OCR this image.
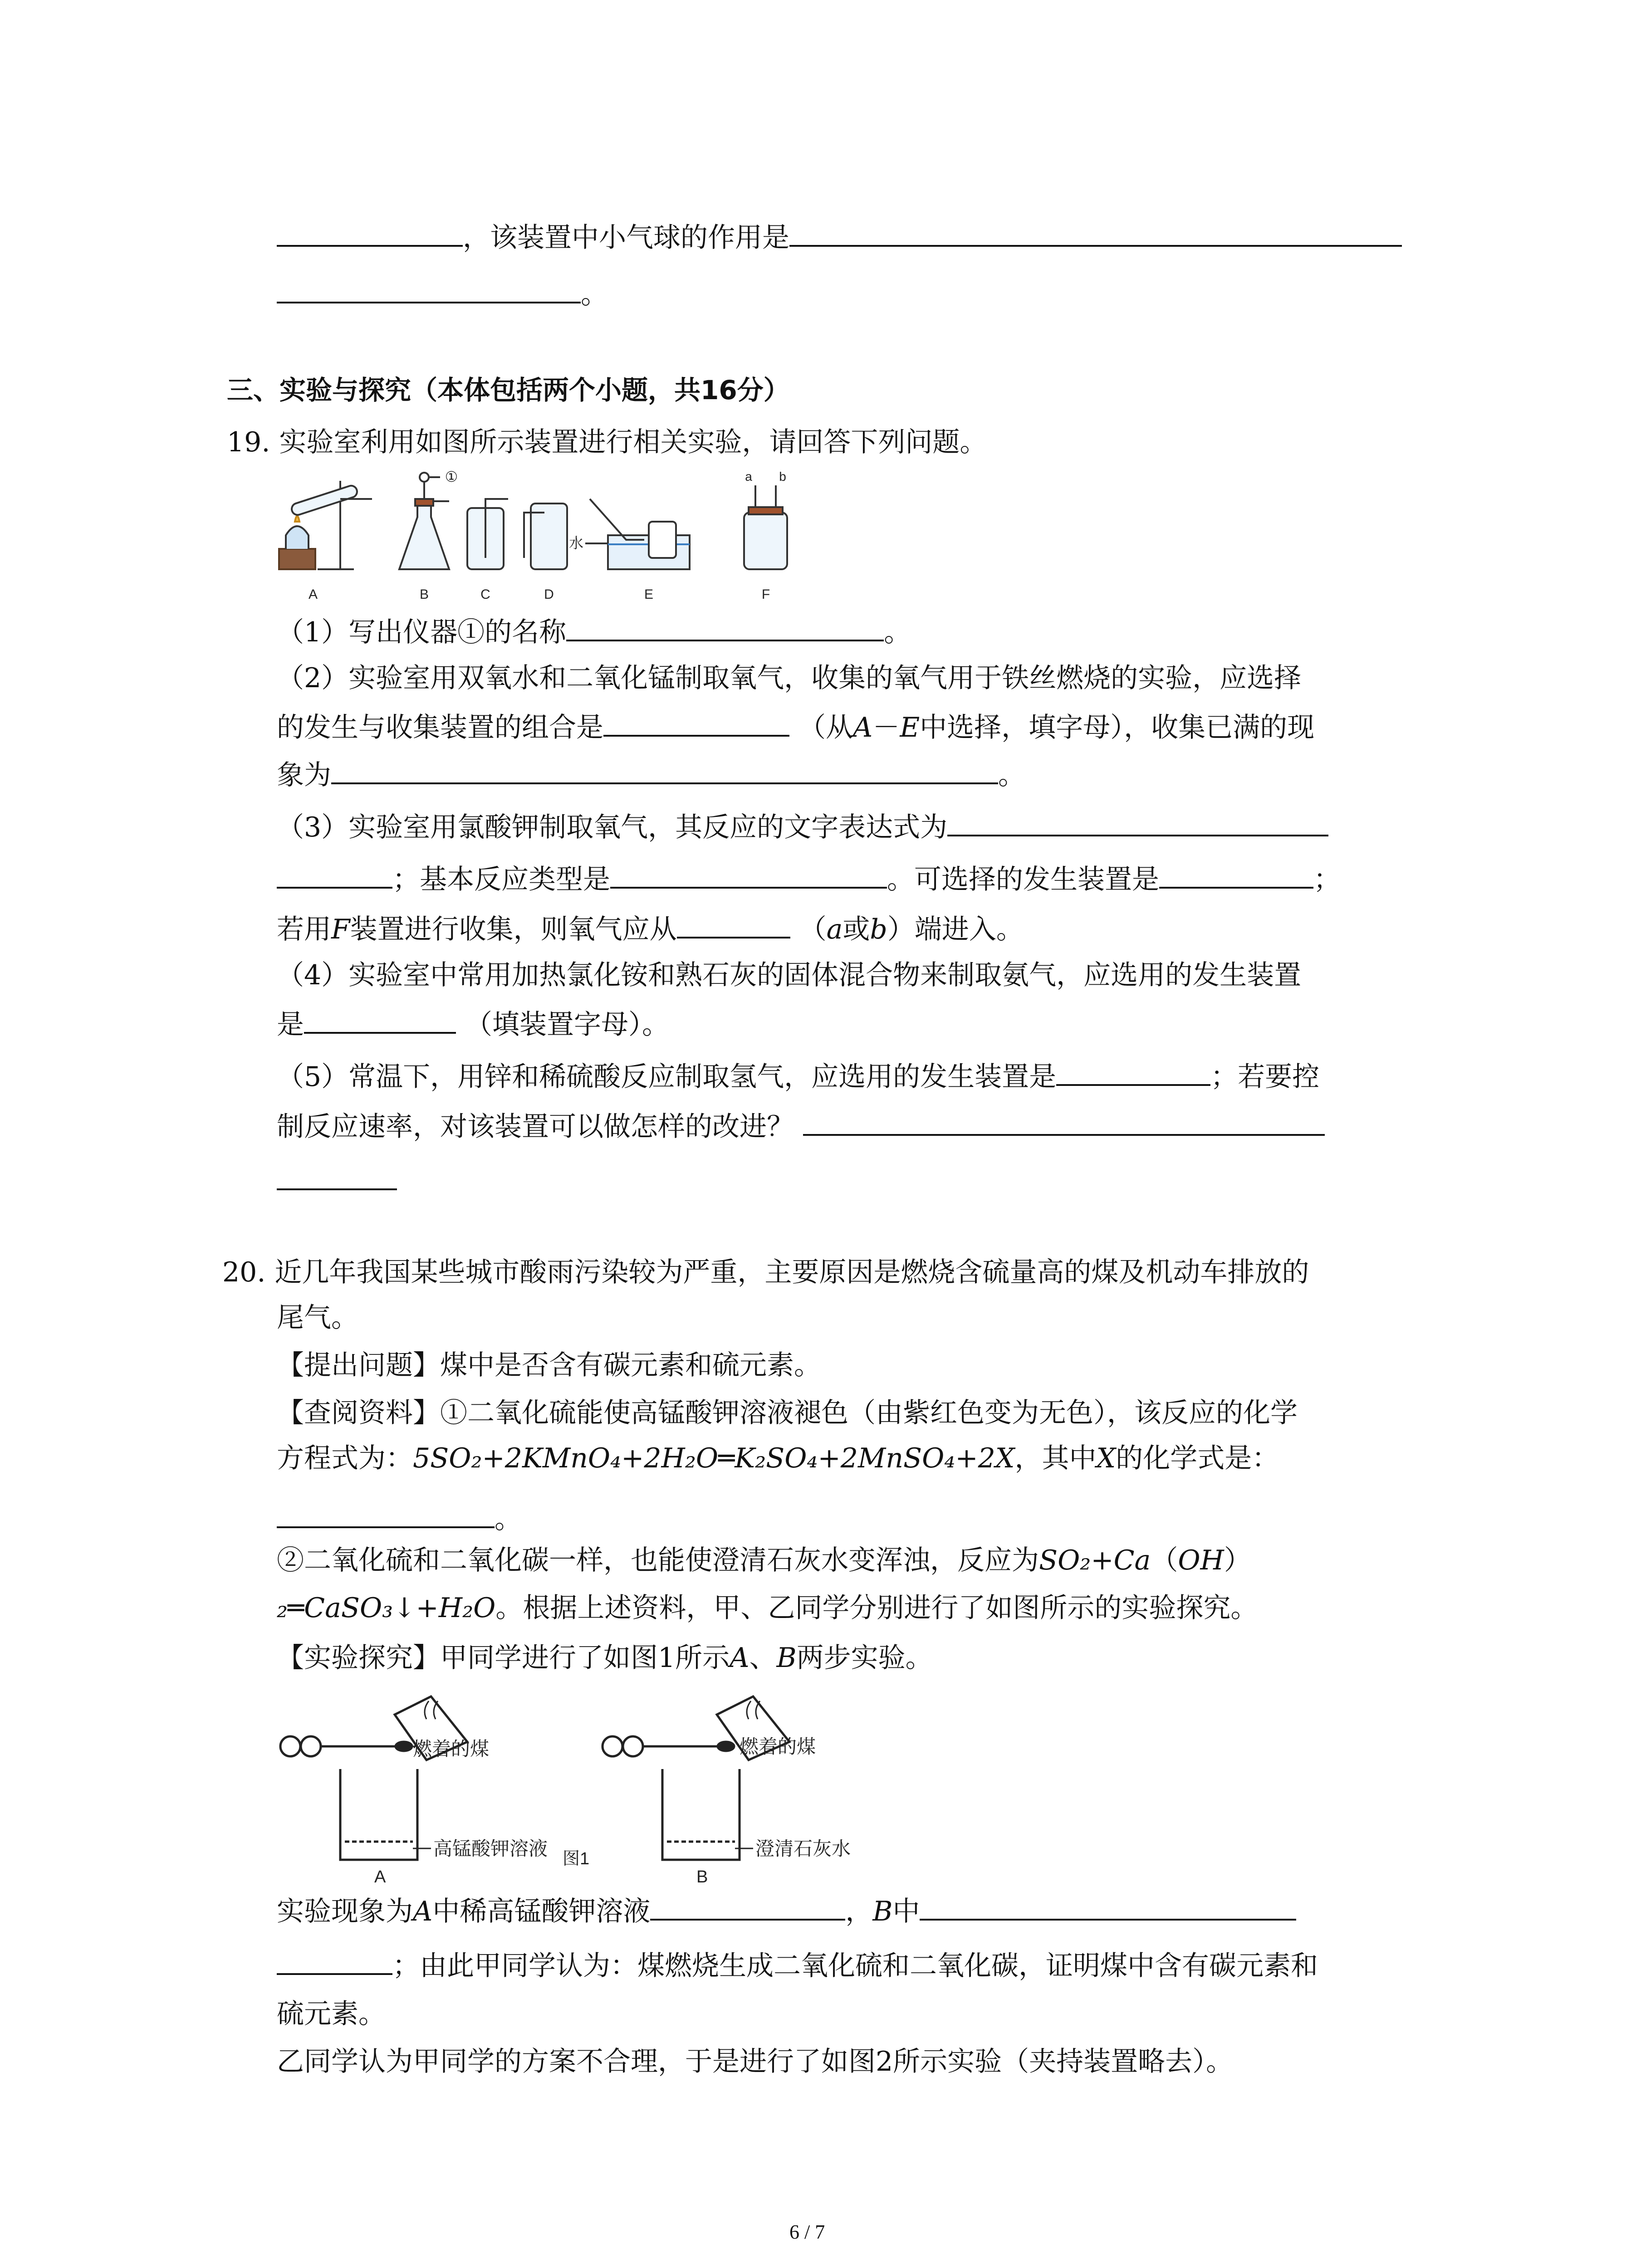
，该装置中小气球的作用是
。
三、实验与探究（本体包括两个小题，共16分）
19. 实验室利用如图所示装置进行相关实验，请回答下列问题。
A	B	C	D	E	F
①
水
a b
（1）写出仪器①的名称	。
（2）实验室用双氧水和二氧化锰制取氧气，收集的氧气用于铁丝燃烧的实验，应选择
的发生与收集装置的组合是	（从A－E中选择，填字母），收集已满的现
象为	。
（3）实验室用氯酸钾制取氧气，其反应的文字表达式为
；基本反应类型是	。可选择的发生装置是	；
若用F装置进行收集，则氧气应从	（a或b）端进入。
（4）实验室中常用加热氯化铵和熟石灰的固体混合物来制取氨气，应选用的发生装置
是	（填装置字母）。
（5）常温下，用锌和稀硫酸反应制取氢气，应选用的发生装置是	；若要控
制反应速率，对该装置可以做怎样的改进？
20. 近几年我国某些城市酸雨污染较为严重，主要原因是燃烧含硫量高的煤及机动车排放的
尾气。
【提出问题】煤中是否含有碳元素和硫元素。
【查阅资料】①二氧化硫能使高锰酸钾溶液褪色（由紫红色变为无色），该反应的化学
方程式为：5SO₂+2KMnO₄+2H₂O═K₂SO₄+2MnSO₄+2X，其中X的化学式是：
。
②二氧化硫和二氧化碳一样，也能使澄清石灰水变浑浊，反应为SO₂+Ca（OH）
₂═CaSO₃↓+H₂O。根据上述资料，甲、乙同学分别进行了如图所示的实验探究。
【实验探究】甲同学进行了如图1所示A、B两步实验。
燃着的煤
高锰酸钾溶液
燃着的煤
澄清石灰水
图1
A	B
实验现象为A中稀高锰酸钾溶液	，B中
；由此甲同学认为：煤燃烧生成二氧化硫和二氧化碳，证明煤中含有碳元素和
硫元素。
乙同学认为甲同学的方案不合理，于是进行了如图2所示实验（夹持装置略去）。
6 / 7
